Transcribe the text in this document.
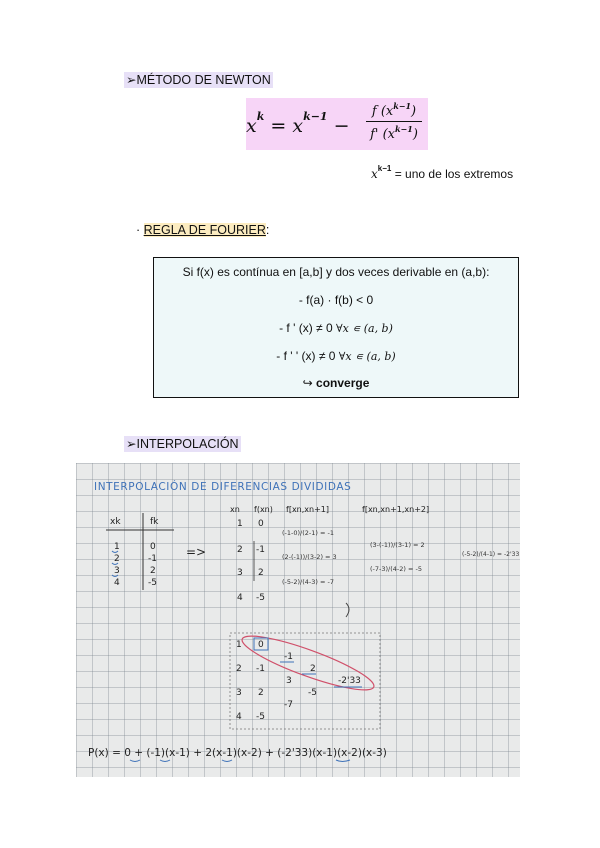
➢MÉTODO DE NEWTON
$x^k = x^{k-1}$ −
f $(x^{k-1})$
f' $(x^{k-1})$
$x^{k-1}$ = uno de los extremos
· REGLA DE FOURIER:
Si f(x) es contínua en [a,b] y dos veces derivable en (a,b):
- f(a) · f(b) < 0
- f ' (x) ≠ 0 ∀x ∊ (a, b)
- f ' ' (x) ≠ 0 ∀x ∊ (a, b)
↪ converge
➢INTERPOLACIÓN
INTERPOLACIÓN DE DIFERENCIAS DIVIDIDAS
xk	fk
1
2
3
4
0
-1
2
-5
=>
xn f(xn) f[xn,xn+1]	f[xn,xn+1,xn+2]
1 0
2 -1
3 2
4 -5
(-1-0)/(2-1) = -1
(2-(-1))/(3-2) = 3
(-5-2)/(4-3) = -7
(3-(-1))/(3-1) = 2
(-7-3)/(4-2) = -5
(-5-2)/(4-1) = -2'33
1 0
2 -1
-1
2
3 2
3
-5
-2'33
4 -5
-7
P(x) = 0 + (-1)(x-1) + 2(x-1)(x-2) + (-2'33)(x-1)(x-2)(x-3)
